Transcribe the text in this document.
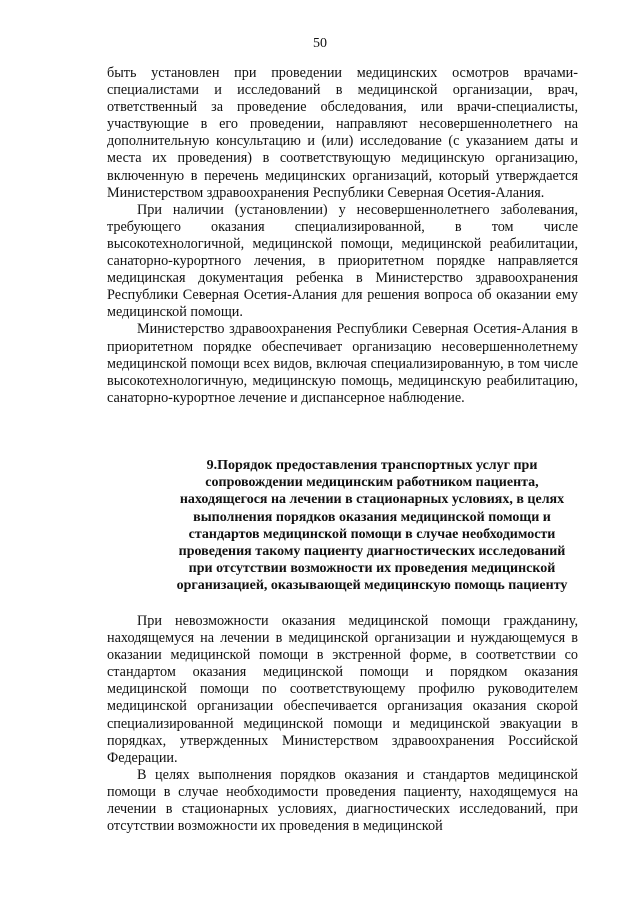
50

быть установлен при проведении медицинских осмотров врачами-специалистами и исследований в медицинской организации, врач, ответственный за проведение обследования, или врачи-специалисты, участвующие в его проведении, направляют несовершеннолетнего на дополнительную консультацию и (или) исследование (с указанием даты и места их проведения) в соответствующую медицинскую организацию, включенную в перечень медицинских организаций, который утверждается Министерством здравоохранения Республики Северная Осетия-Алания.

При наличии (установлении) у несовершеннолетнего заболевания, требующего оказания специализированной, в том числе высокотехнологичной, медицинской помощи, медицинской реабилитации, санаторно-курортного лечения, в приоритетном порядке направляется медицинская документация ребенка в Министерство здравоохранения Республики Северная Осетия-Алания для решения вопроса об оказании ему медицинской помощи.

Министерство здравоохранения Республики Северная Осетия-Алания в приоритетном порядке обеспечивает организацию несовершеннолетнему медицинской помощи всех видов, включая специализированную, в том числе высокотехнологичную, медицинскую помощь, медицинскую реабилитацию, санаторно-курортное лечение и диспансерное наблюдение.

9.Порядок предоставления транспортных услуг при сопровождении медицинским работником пациента, находящегося на лечении в стационарных условиях, в целях выполнения порядков оказания медицинской помощи и стандартов медицинской помощи в случае необходимости проведения такому пациенту диагностических исследований при отсутствии возможности их проведения медицинской организацией, оказывающей медицинскую помощь пациенту

При невозможности оказания медицинской помощи гражданину, находящемуся на лечении в медицинской организации и нуждающемуся в оказании медицинской помощи в экстренной форме, в соответствии со стандартом оказания медицинской помощи и порядком оказания медицинской помощи по соответствующему профилю руководителем медицинской организации обеспечивается организация оказания скорой специализированной медицинской помощи и медицинской эвакуации в порядках, утвержденных Министерством здравоохранения Российской Федерации.

В целях выполнения порядков оказания и стандартов медицинской помощи в случае необходимости проведения пациенту, находящемуся на лечении в стационарных условиях, диагностических исследований, при отсутствии возможности их проведения в медицинской
